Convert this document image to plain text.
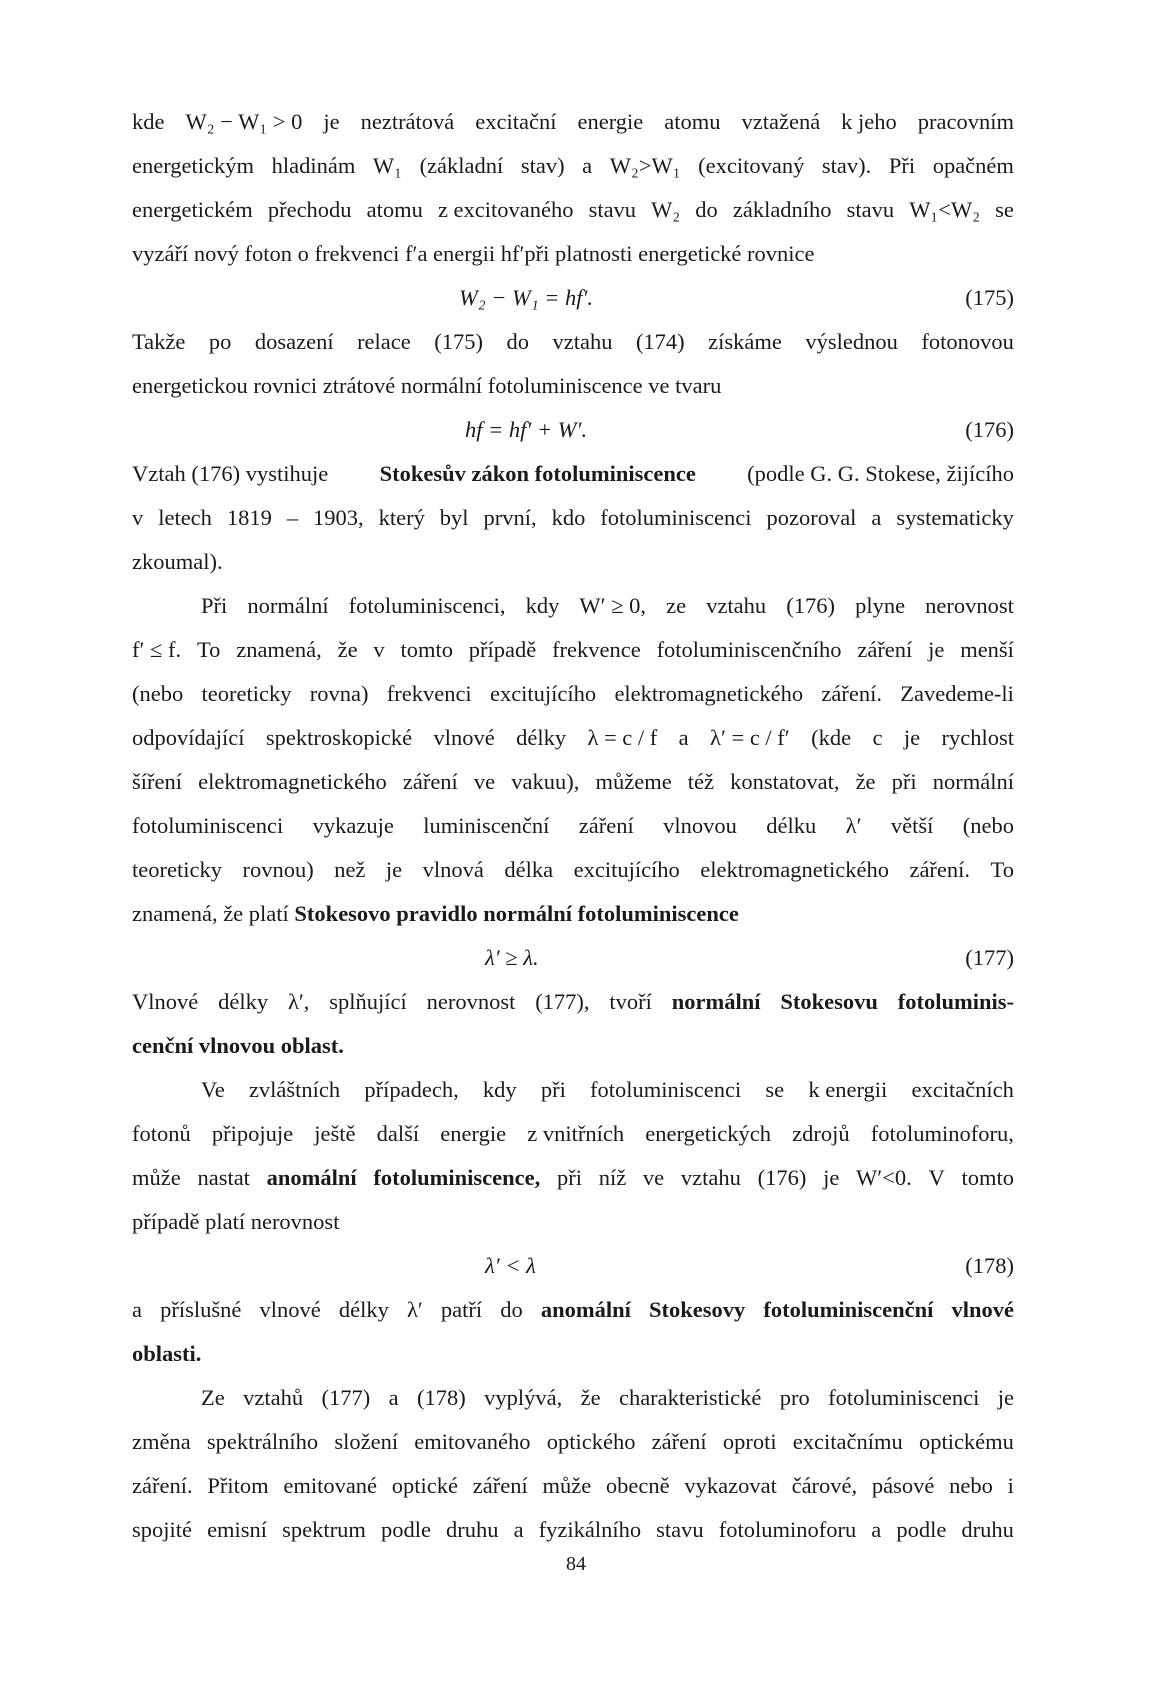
kde W₂ − W₁ > 0 je neztrátová excitační energie atomu vztažená k jeho pracovním
energetickým hladinám W₁ (základní stav) a W₂>W₁ (excitovaný stav). Při opačném
energetickém přechodu atomu z excitovaného stavu W₂ do základního stavu W₁<W₂ se
vyzáří nový foton o frekvenci f′a energii hf′při platnosti energetické rovnice
W₂ − W₁ = hf′.	(175)
Takže po dosazení relace (175) do vztahu (174) získáme výslednou fotonovou
energetickou rovnici ztrátové normální fotoluminiscence ve tvaru
hf = hf′ + W′.	(176)
Vztah (176) vystihuje Stokesův zákon fotoluminiscence (podle G. G. Stokese, žijícího
v letech 1819 – 1903, který byl první, kdo fotoluminiscenci pozoroval a systematicky
zkoumal).
Při normální fotoluminiscenci, kdy W′ ≥ 0, ze vztahu (176) plyne nerovnost
f′ ≤ f. To znamená, že v tomto případě frekvence fotoluminiscenčního záření je menší
(nebo teoreticky rovna) frekvenci excitujícího elektromagnetického záření. Zavedeme-li
odpovídající spektroskopické vlnové délky λ = c / f a λ′ = c / f′ (kde c je rychlost
šíření elektromagnetického záření ve vakuu), můžeme též konstatovat, že při normální
fotoluminiscenci vykazuje luminiscenční záření vlnovou délku λ′ větší (nebo
teoreticky rovnou) než je vlnová délka excitujícího elektromagnetického záření. To
znamená, že platí Stokesovo pravidlo normální fotoluminiscence
λ′ ≥ λ.	(177)
Vlnové délky λ′, splňující nerovnost (177), tvoří normální Stokesovu fotoluminis-
cenční vlnovou oblast.
Ve zvláštních případech, kdy při fotoluminiscenci se k energii excitačních
fotonů připojuje ještě další energie z vnitřních energetických zdrojů fotoluminoforu,
může nastat anomální fotoluminiscence, při níž ve vztahu (176) je W′<0. V tomto
případě platí nerovnost
λ′ < λ	(178)
a příslušné vlnové délky λ′ patří do anomální Stokesovy fotoluminiscenční vlnové
oblasti.
Ze vztahů (177) a (178) vyplývá, že charakteristické pro fotoluminiscenci je
změna spektrálního složení emitovaného optického záření oproti excitačnímu optickému
záření. Přitom emitované optické záření může obecně vykazovat čárové, pásové nebo i
spojité emisní spektrum podle druhu a fyzikálního stavu fotoluminoforu a podle druhu
84
